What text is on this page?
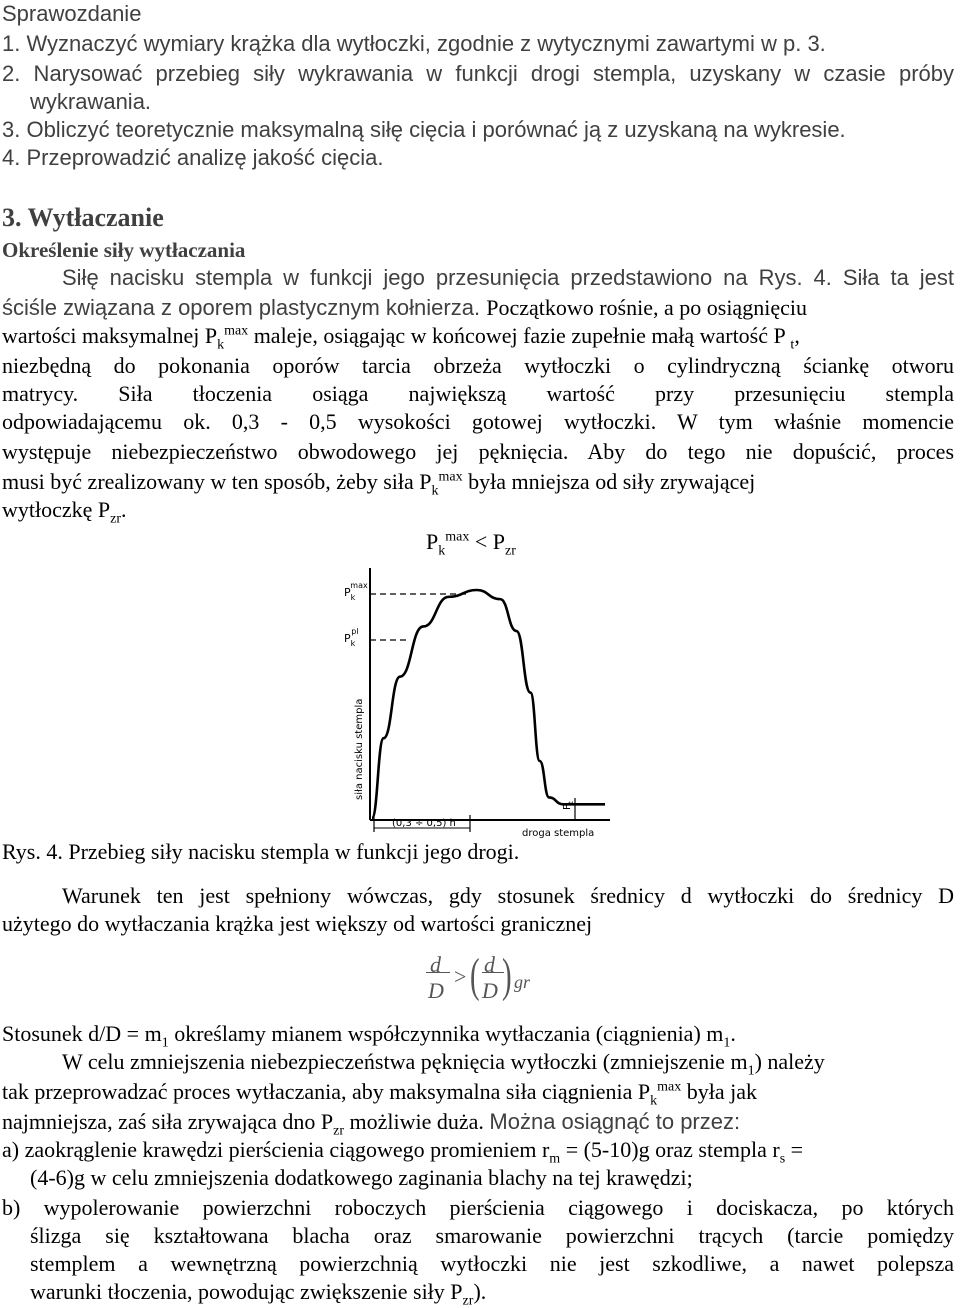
Sprawozdanie
1. Wyznaczyć wymiary krążka dla wytłoczki, zgodnie z wytycznymi zawartymi w p. 3.
2. Narysować przebieg siły wykrawania w funkcji drogi stempla, uzyskany w czasie próby
wykrawania.
3. Obliczyć teoretycznie maksymalną siłę cięcia i porównać ją z uzyskaną na wykresie.
4. Przeprowadzić analizę jakość cięcia.
3. Wytłaczanie
Określenie siły wytłaczania
Siłę nacisku stempla w funkcji jego przesunięcia przedstawiono na Rys. 4. Siła ta jest
ściśle związana z oporem plastycznym kołnierza. Początkowo rośnie, a po osiągnięciu
wartości maksymalnej $P_k^{max}$ maleje, osiągając w końcowej fazie zupełnie małą wartość P $_t$,
niezbędną do pokonania oporów tarcia obrzeża wytłoczki o cylindryczną ściankę otworu
matrycy. Siła tłoczenia osiąga największą wartość przy przesunięciu stempla
odpowiadającemu ok. 0,3 - 0,5 wysokości gotowej wytłoczki. W tym właśnie momencie
występuje niebezpieczeństwo obwodowego jej pęknięcia. Aby do tego nie dopuścić, proces
musi być zrealizowany w ten sposób, żeby siła $P_k^{max}$ była mniejsza od siły zrywającej
wytłoczkę $P_{zr}$.
$P_k^{max} < P_{zr}$
$P_k\max$
$P_kpl$
siła nacisku stempla
$P_t$
(0,3 ÷ 0,5) h
droga stempla
Rys. 4. Przebieg siły nacisku stempla w funkcji jego drogi.
Warunek ten jest spełniony wówczas, gdy stosunek średnicy d wytłoczki do średnicy D
użytego do wytłaczania krążka jest większy od wartości granicznej
d
D
> ( d
D ) gr
Stosunek $d/D = m_1$ określamy mianem współczynnika wytłaczania (ciągnienia) $m_1$.
W celu zmniejszenia niebezpieczeństwa pęknięcia wytłoczki (zmniejszenie $m_1$) należy
tak przeprowadzać proces wytłaczania, aby maksymalna siła ciągnienia $P_k^{max}$ była jak
najmniejsza, zaś siła zrywająca dno $P_{zr}$ możliwie duża. Można osiągnąć to przez:
a) zaokrąglenie krawędzi pierścienia ciągowego promieniem $r_m = (5-10)g$ oraz stempla $r_s$ =
(4-6)g w celu zmniejszenia dodatkowego zaginania blachy na tej krawędzi;
b) wypolerowanie powierzchni roboczych pierścienia ciągowego i dociskacza, po których
ślizga się kształtowana blacha oraz smarowanie powierzchni trących (tarcie pomiędzy
stemplem a wewnętrzną powierzchnią wytłoczki nie jest szkodliwe, a nawet polepsza
warunki tłoczenia, powodując zwiększenie siły $P_{zr}$).
